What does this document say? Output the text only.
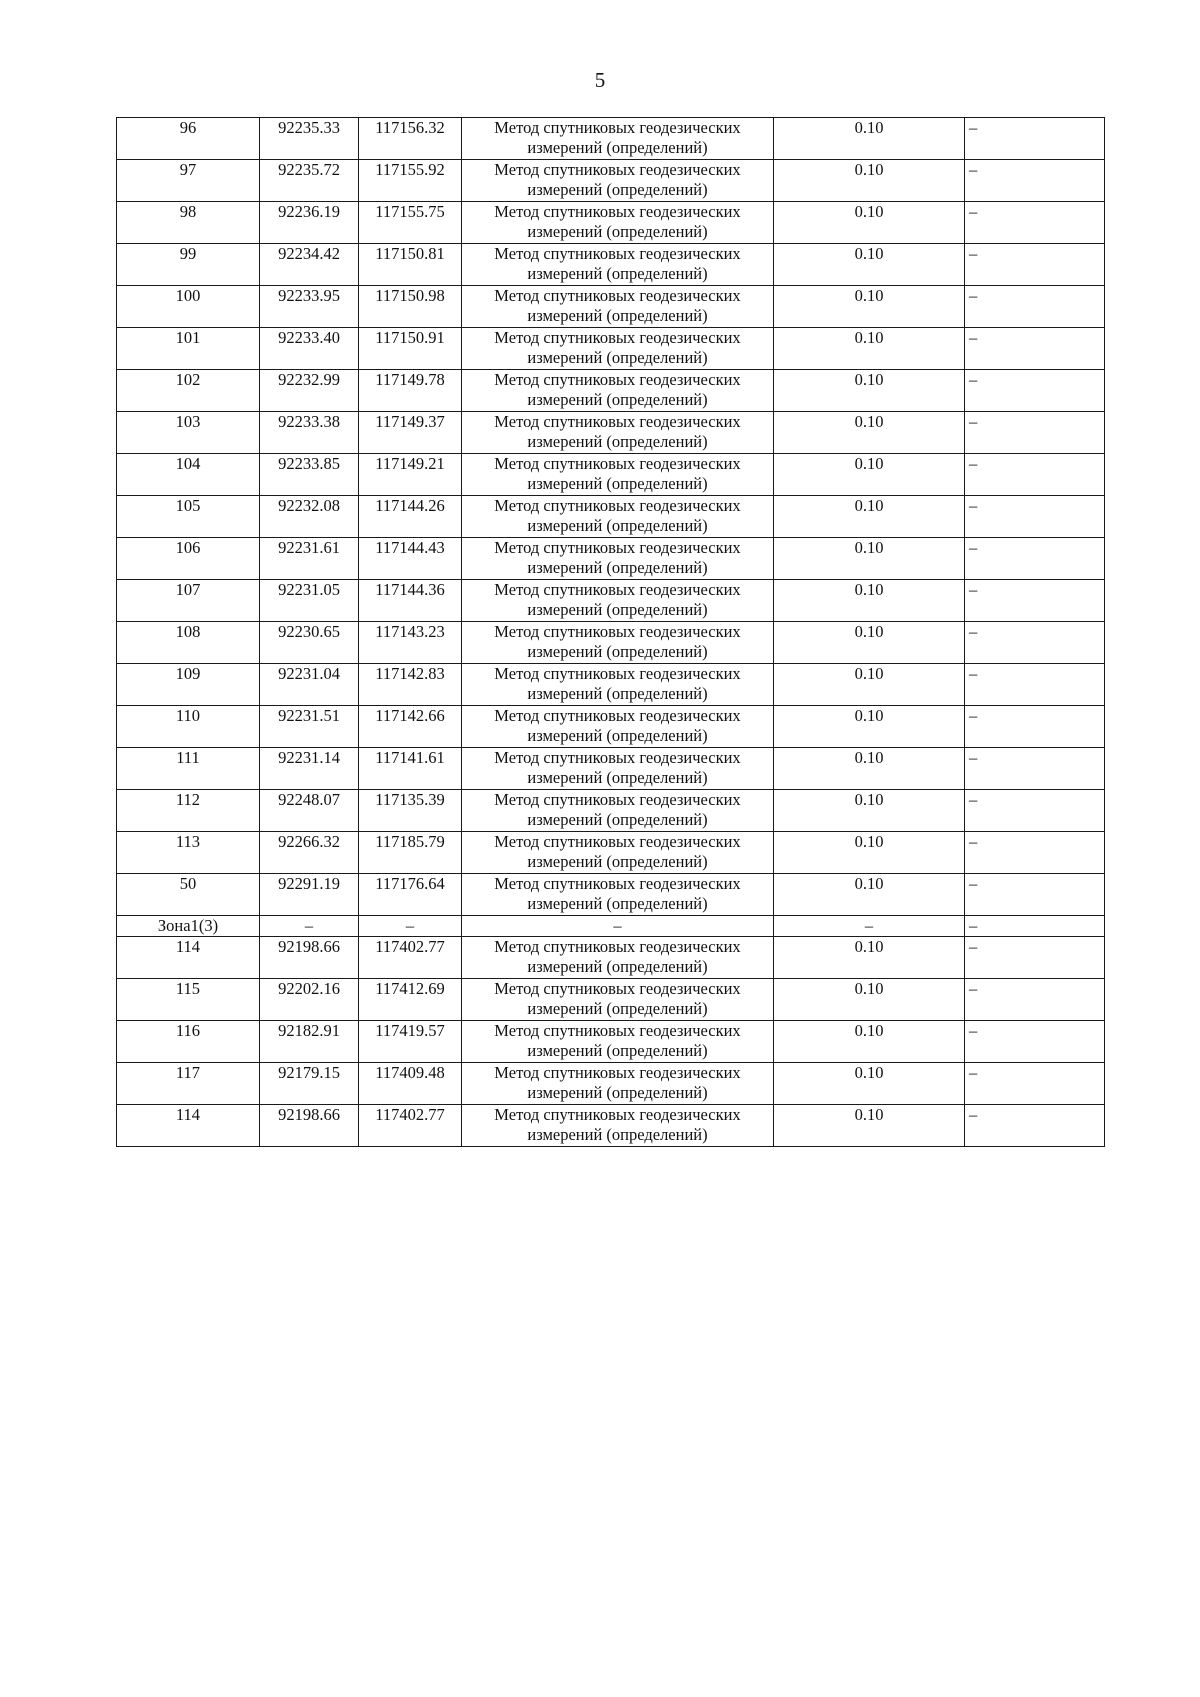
5
96	92235.33	117156.32	Метод спутниковых геодезических измерений (определений)	0.10	–
97	92235.72	117155.92	Метод спутниковых геодезических измерений (определений)	0.10	–
98	92236.19	117155.75	Метод спутниковых геодезических измерений (определений)	0.10	–
99	92234.42	117150.81	Метод спутниковых геодезических измерений (определений)	0.10	–
100	92233.95	117150.98	Метод спутниковых геодезических измерений (определений)	0.10	–
101	92233.40	117150.91	Метод спутниковых геодезических измерений (определений)	0.10	–
102	92232.99	117149.78	Метод спутниковых геодезических измерений (определений)	0.10	–
103	92233.38	117149.37	Метод спутниковых геодезических измерений (определений)	0.10	–
104	92233.85	117149.21	Метод спутниковых геодезических измерений (определений)	0.10	–
105	92232.08	117144.26	Метод спутниковых геодезических измерений (определений)	0.10	–
106	92231.61	117144.43	Метод спутниковых геодезических измерений (определений)	0.10	–
107	92231.05	117144.36	Метод спутниковых геодезических измерений (определений)	0.10	–
108	92230.65	117143.23	Метод спутниковых геодезических измерений (определений)	0.10	–
109	92231.04	117142.83	Метод спутниковых геодезических измерений (определений)	0.10	–
110	92231.51	117142.66	Метод спутниковых геодезических измерений (определений)	0.10	–
111	92231.14	117141.61	Метод спутниковых геодезических измерений (определений)	0.10	–
112	92248.07	117135.39	Метод спутниковых геодезических измерений (определений)	0.10	–
113	92266.32	117185.79	Метод спутниковых геодезических измерений (определений)	0.10	–
50	92291.19	117176.64	Метод спутниковых геодезических измерений (определений)	0.10	–
Зона1(3)	–	–	–	–	–
114	92198.66	117402.77	Метод спутниковых геодезических измерений (определений)	0.10	–
115	92202.16	117412.69	Метод спутниковых геодезических измерений (определений)	0.10	–
116	92182.91	117419.57	Метод спутниковых геодезических измерений (определений)	0.10	–
117	92179.15	117409.48	Метод спутниковых геодезических измерений (определений)	0.10	–
114	92198.66	117402.77	Метод спутниковых геодезических измерений (определений)	0.10	–
